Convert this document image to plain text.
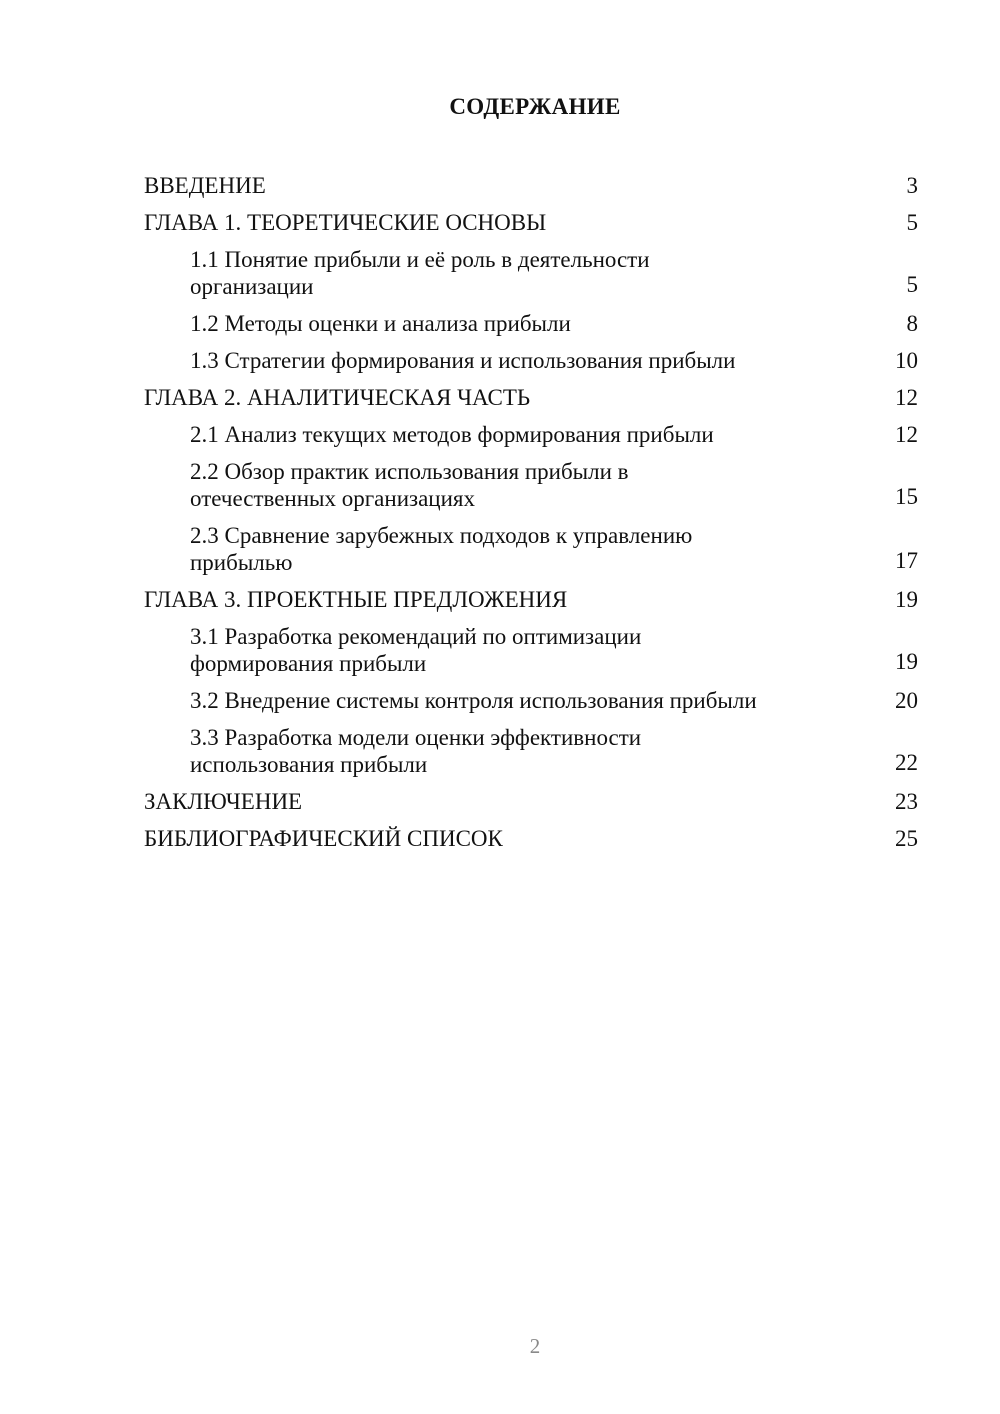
СОДЕРЖАНИЕ
ВВЕДЕНИЕ	3
ГЛАВА 1. ТЕОРЕТИЧЕСКИЕ ОСНОВЫ	5
1.1 Понятие прибыли и её роль в деятельности организации	5
1.2 Методы оценки и анализа прибыли	8
1.3 Стратегии формирования и использования прибыли	10
ГЛАВА 2. АНАЛИТИЧЕСКАЯ ЧАСТЬ	12
2.1 Анализ текущих методов формирования прибыли	12
2.2 Обзор практик использования прибыли в отечественных организациях	15
2.3 Сравнение зарубежных подходов к управлению прибылью	17
ГЛАВА 3. ПРОЕКТНЫЕ ПРЕДЛОЖЕНИЯ	19
3.1 Разработка рекомендаций по оптимизации формирования прибыли	19
3.2 Внедрение системы контроля использования прибыли	20
3.3 Разработка модели оценки эффективности использования прибыли	22
ЗАКЛЮЧЕНИЕ	23
БИБЛИОГРАФИЧЕСКИЙ СПИСОК	25
2
